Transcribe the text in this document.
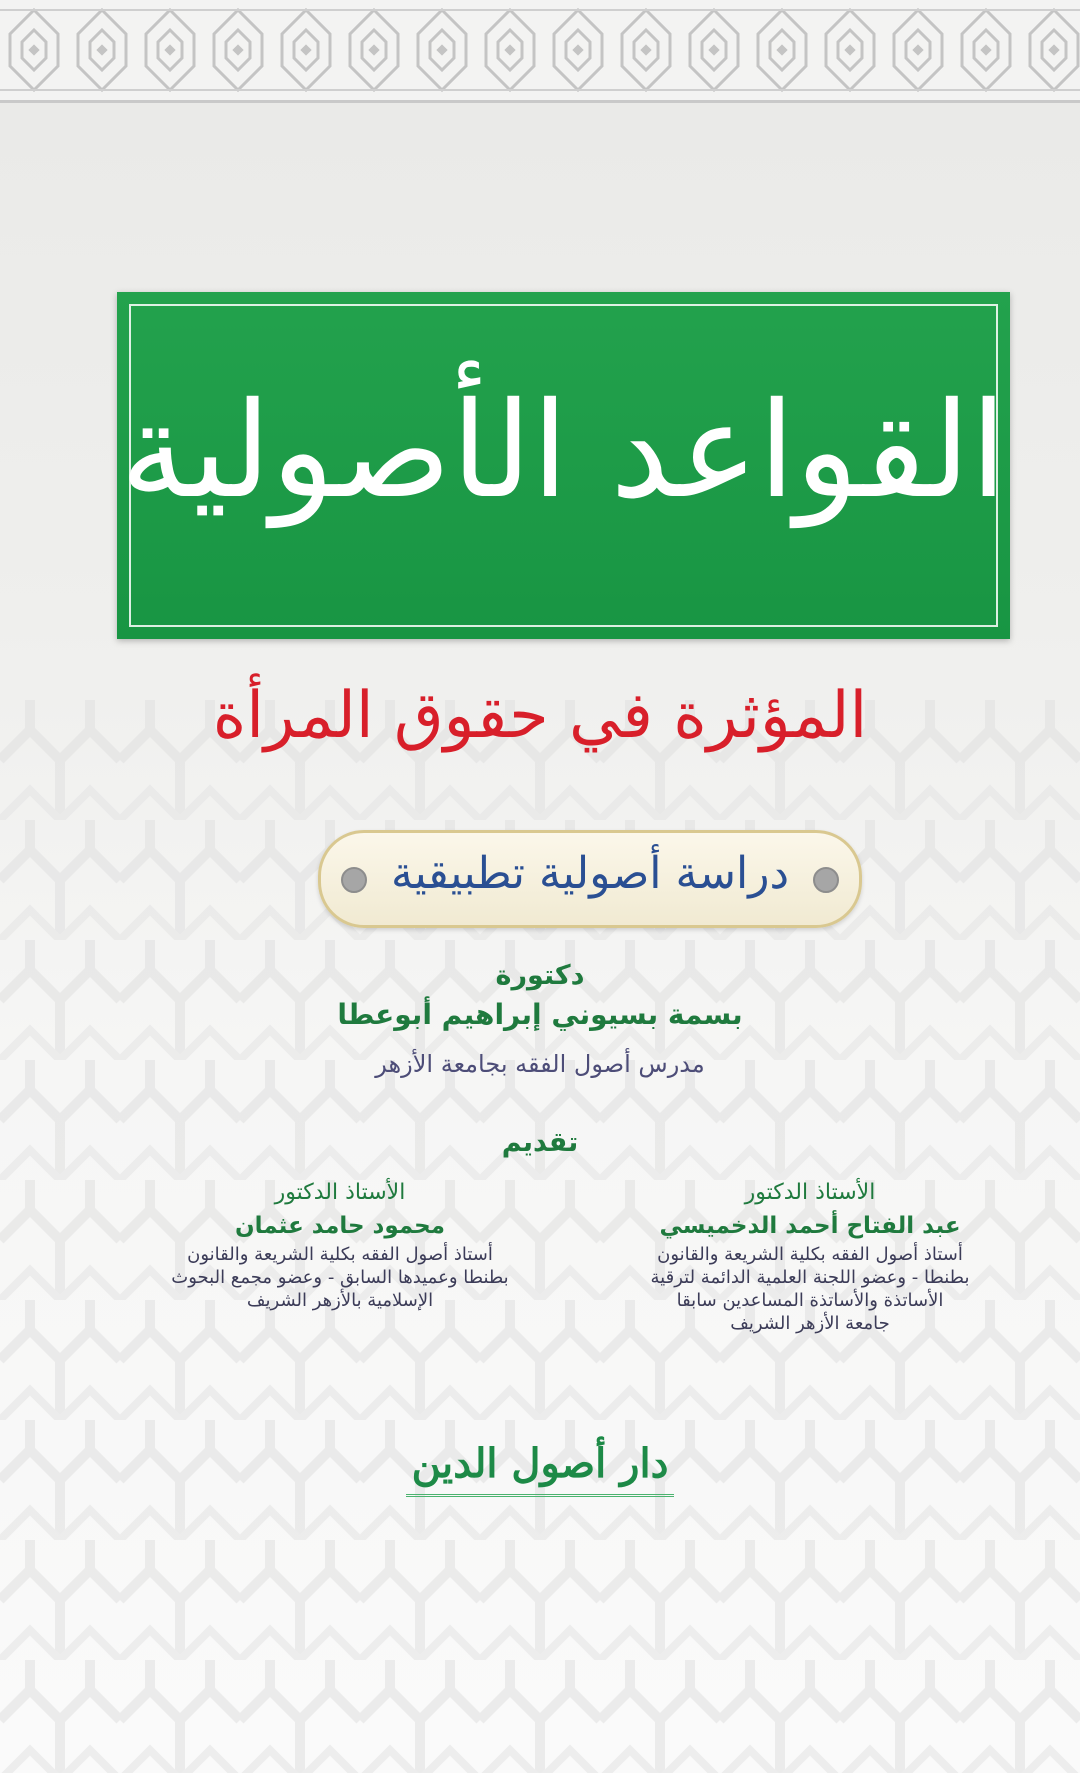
القواعد الأصولية
المؤثرة في حقوق المرأة
دراسة أصولية تطبيقية
دكتورة
بسمة بسيوني إبراهيم أبوعطا
مدرس أصول الفقه بجامعة الأزهر
تقديم
الأستاذ الدكتور
عبد الفتاح أحمد الدخميسي
أستاذ أصول الفقه بكلية الشريعة والقانون
بطنطا - وعضو اللجنة العلمية الدائمة لترقية
الأساتذة والأساتذة المساعدين سابقا
جامعة الأزهر الشريف
الأستاذ الدكتور
محمود حامد عثمان
أستاذ أصول الفقه بكلية الشريعة والقانون
بطنطا وعميدها السابق - وعضو مجمع البحوث
الإسلامية بالأزهر الشريف
دار أصول الدين
